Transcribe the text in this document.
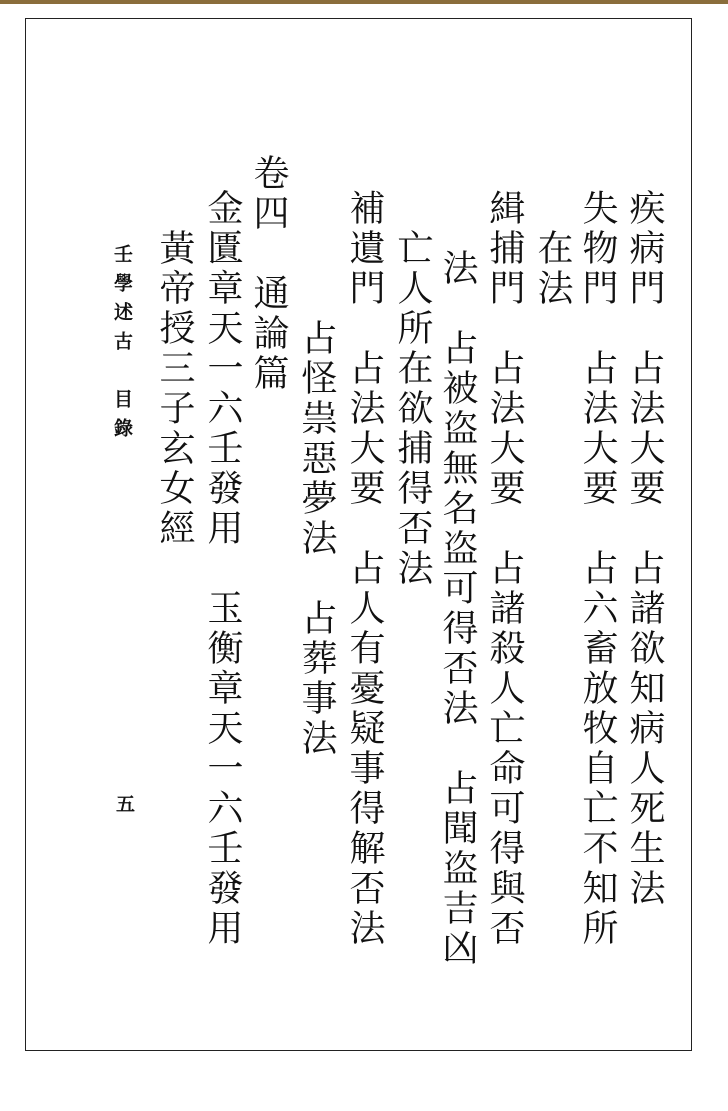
疾病門　占法大要　占諸欲知病人死生法
失物門　占法大要　占六畜放牧自亡不知所
在法
緝捕門　占法大要　占諸殺人亡命可得與否
法　占被盗無名盗可得否法　占聞盗吉凶
亡人所在欲捕得否法
補遺門　占法大要　占人有憂疑事得解否法
占怪祟惡夢法　占葬事法
卷四　通論篇
金匱章天一六壬發用　玉衡章天一六壬發用
黃帝授三子玄女經
壬學述古　目錄
五
